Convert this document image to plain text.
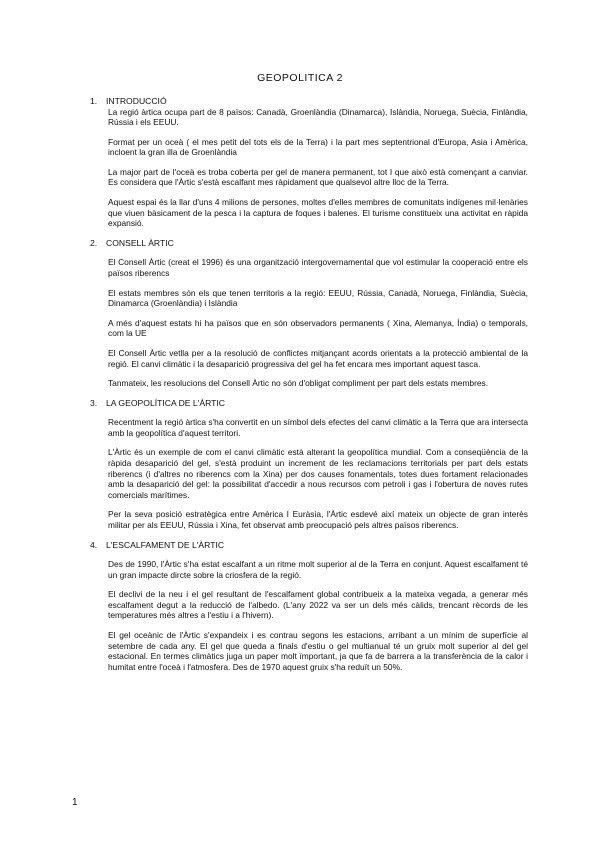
GEOPOLITICA 2
1.	INTRODUCCIÓ
La regió àrtica ocupa part de 8 països: Canadà, Groenlàndia (Dinamarca), Islàndia, Noruega, Suècia, Finlàndia, Rússia i els EEUU.
Format per un oceà ( el mes petit del tots els de la Terra) i la part mes septentrional d'Europa, Asia i Amèrica, incloent la gran illa de Groenlàndia
La major part de l'oceà es troba coberta per gel de manera permanent, tot I que això està començant a canviar. Es considera que l'Àrtic s'està escalfant mes ràpidament que qualsevol altre lloc de la Terra.
Aquest espai és la llar d'uns 4 milions de persones, moltes d'elles membres de comunitats indígenes mil·lenàries que viuen bàsicament de la pesca i la captura de foques i balenes. El turisme constitueix una activitat en ràpida expansió.
2.	CONSELL ÀRTIC
El Consell Àrtic (creat el 1996) és una organització intergovernamental que vol estimular la cooperació entre els països riberencs
El estats membres són els que tenen territoris a la regió: EEUU, Rússia, Canadà, Noruega, Finlàndia, Suècia, Dinamarca (Groenlàndia) i Islàndia
A més d'aquest estats hi ha països que en són observadors permanents ( Xina, Alemanya, Índia) o temporals, com la UE
El Consell Àrtic vetlla per a la resolució de conflictes mitjançant acords orientats a la protecció ambiental de la regió. El canvi climàtic i la desaparició progressiva del gel ha fet encara mes important aquest tasca.
Tanmateix, les resolucions del Consell Àrtic no són d'obligat compliment per part dels estats membres.
3.	LA GEOPOLÍTICA DE L'ÀRTIC
Recentment la regió àrtica s'ha convertit en un símbol dels efectes del canvi climàtic a la Terra que ara intersecta amb la geopolítica d'aquest territori.
L'Àrtic és un exemple de com el canvi climàtic està alterant la geopolítica mundial. Com a conseqüència de la ràpida desaparició del gel, s'està produint un increment de les reclamacions territorials per part dels estats riberencs (i d'altres no riberencs com la Xina) per dos causes fonamentals, totes dues fortament relacionades amb la desaparició del gel: la possibilitat d'accedir a nous recursos com petroli i gas i l'obertura de noves rutes comercials marítimes.
Per la seva posició estratègica entre Amèrica I Euràsia, l'Àrtic esdevé així mateix un objecte de gran interès militar per als EEUU, Rússia i Xina, fet observat amb preocupació pels altres països riberencs.
4.	L'ESCALFAMENT DE L'ÀRTIC
Des de 1990, l'Àrtic s'ha estat escalfant a un ritme molt superior al de la Terra en conjunt. Aquest escalfament té un gran impacte dircte sobre la criosfera de la regió.
El declivi de la neu i el gel resultant de l'escalfament global contribueix a la mateixa vegada, a generar més escalfament degut a la reducció de l'albedo. (L'any 2022 va ser un dels més càlids, trencant rècords de les temperatures més altres a l'estiu i a l'hivern).
El gel oceànic de l'Àrtic s'expandeix i es contrau segons les estacions, arribant a un mínim de superfície al setembre de cada any. El gel que queda a finals d'estiu o gel multianual té un gruix molt superior al del gel estacional. En termes climàtics juga un paper molt ïmportant, ja que fa de barrera a la transferència de la calor i humitat entre l'oceà i l'atmosfera. Des de 1970 aquest gruix s'ha reduït un 50%.
1
